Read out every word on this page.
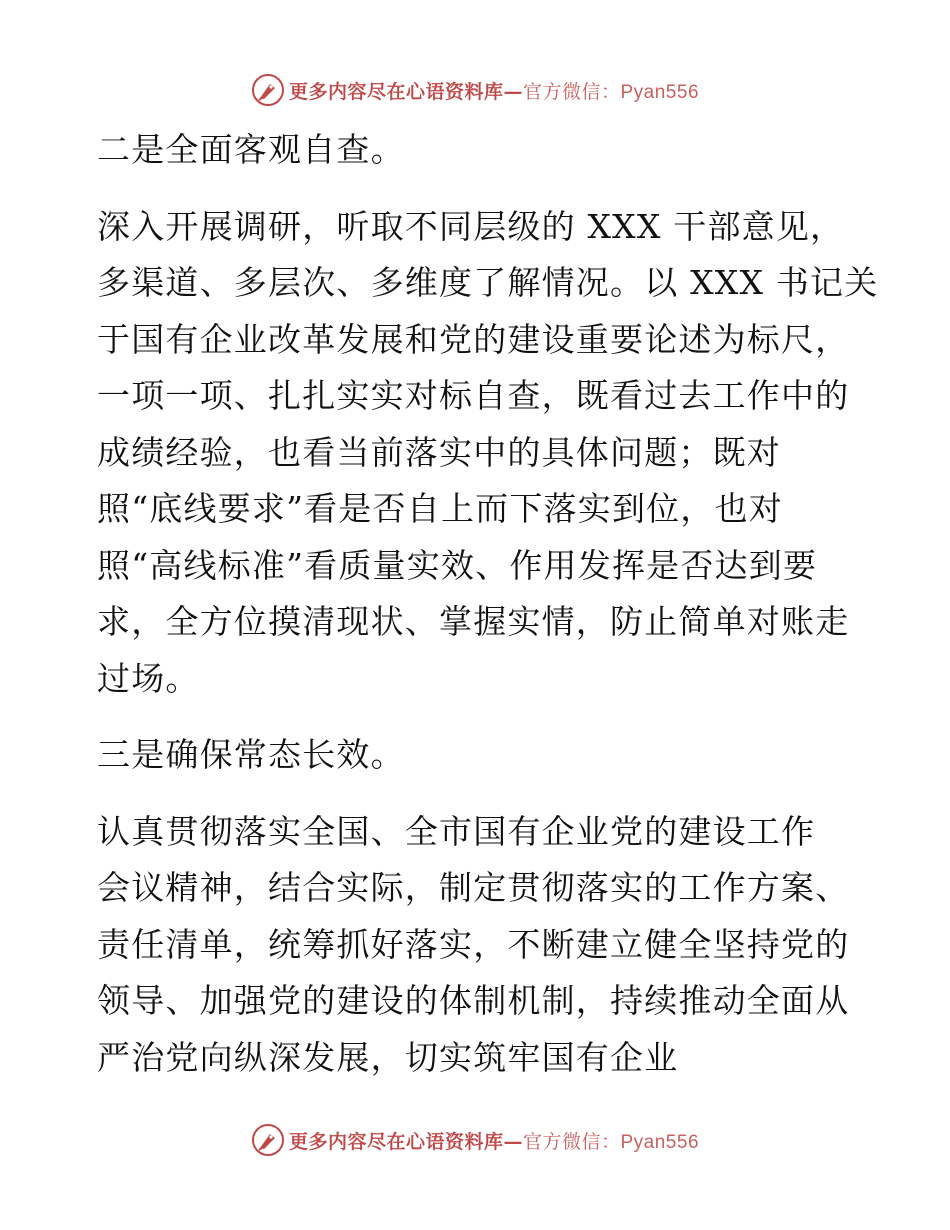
更多内容尽在心语资料库—官方微信：Pyan556

二是全面客观自查。

深入开展调研，听取不同层级的 XXX 干部意见，
多渠道、多层次、多维度了解情况。以 XXX 书记关
于国有企业改革发展和党的建设重要论述为标尺，
一项一项、扎扎实实对标自查，既看过去工作中的
成绩经验，也看当前落实中的具体问题；既对
照“底线要求”看是否自上而下落实到位，也对
照“高线标准”看质量实效、作用发挥是否达到要
求，全方位摸清现状、掌握实情，防止简单对账走
过场。

三是确保常态长效。

认真贯彻落实全国、全市国有企业党的建设工作
会议精神，结合实际，制定贯彻落实的工作方案、
责任清单，统筹抓好落实，不断建立健全坚持党的
领导、加强党的建设的体制机制，持续推动全面从
严治党向纵深发展，切实筑牢国有企业

更多内容尽在心语资料库—官方微信：Pyan556
